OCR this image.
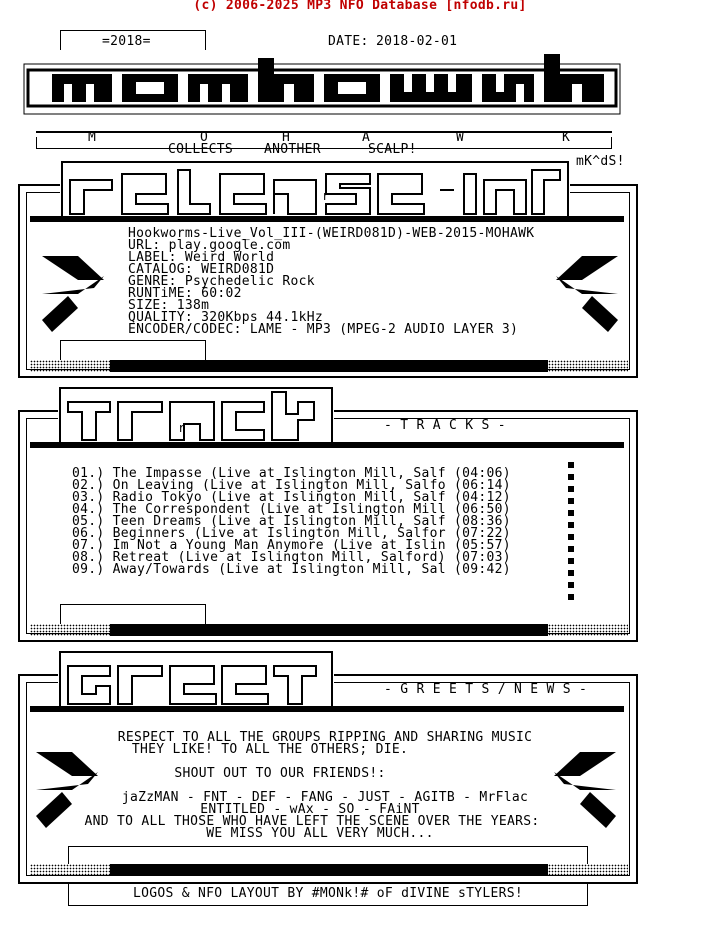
(c) 2006-2025 MP3 NFO Database [nfodb.ru]
=2018=	DATE: 2018-02-01
M	O	H	A	W	K
COLLECTS ANOTHER	SCALP!
mK^dS!
r
Hookworms-Live_Vol_III-(WEIRD081D)-WEB-2015-MOHAWK
URL: play.google.com
LABEL: Weird World
CATALOG: WEIRD081D
GENRE: Psychedelic Rock
RUNTiME: 60:02
SIZE: 138m
QUALITY: 320Kbps 44.1kHz
ENCODER/CODEC: LAME - MP3 (MPEG-2 AUDIO LAYER 3)
r	- T R A C K S -
01.) The Impasse (Live at Islington Mill, Salf (04:06)
02.) On Leaving (Live at Islington Mill, Salfo (06:14)
03.) Radio Tokyo (Live at Islington Mill, Salf (04:12)
04.) The Correspondent (Live at Islington Mill (06:50)
05.) Teen Dreams (Live at Islington Mill, Salf (08:36)
06.) Beginners (Live at Islington Mill, Salfor (07:22)
07.) Im Not a Young Man Anymore (Live at Islin (05:57)
08.) Retreat (Live at Islington Mill, Salford) (07:03)
09.) Away/Towards (Live at Islington Mill, Sal (09:42)
- G R E E T S / N E W S -
RESPECT TO ALL THE GROUPS RIPPING AND SHARING MUSIC
THEY LIKE! TO ALL THE OTHERS; DIE.
SHOUT OUT TO OUR FRIENDS!:
jaZzMAN - FNT - DEF - FANG - JUST - AGITB - MrFlac
ENTITLED - wAx - SO - FAiNT
AND TO ALL THOSE WHO HAVE LEFT THE SCENE OVER THE YEARS:
WE MISS YOU ALL VERY MUCH...
LOGOS & NFO LAYOUT BY #MONk!# oF dIVINE sTYLERS!
